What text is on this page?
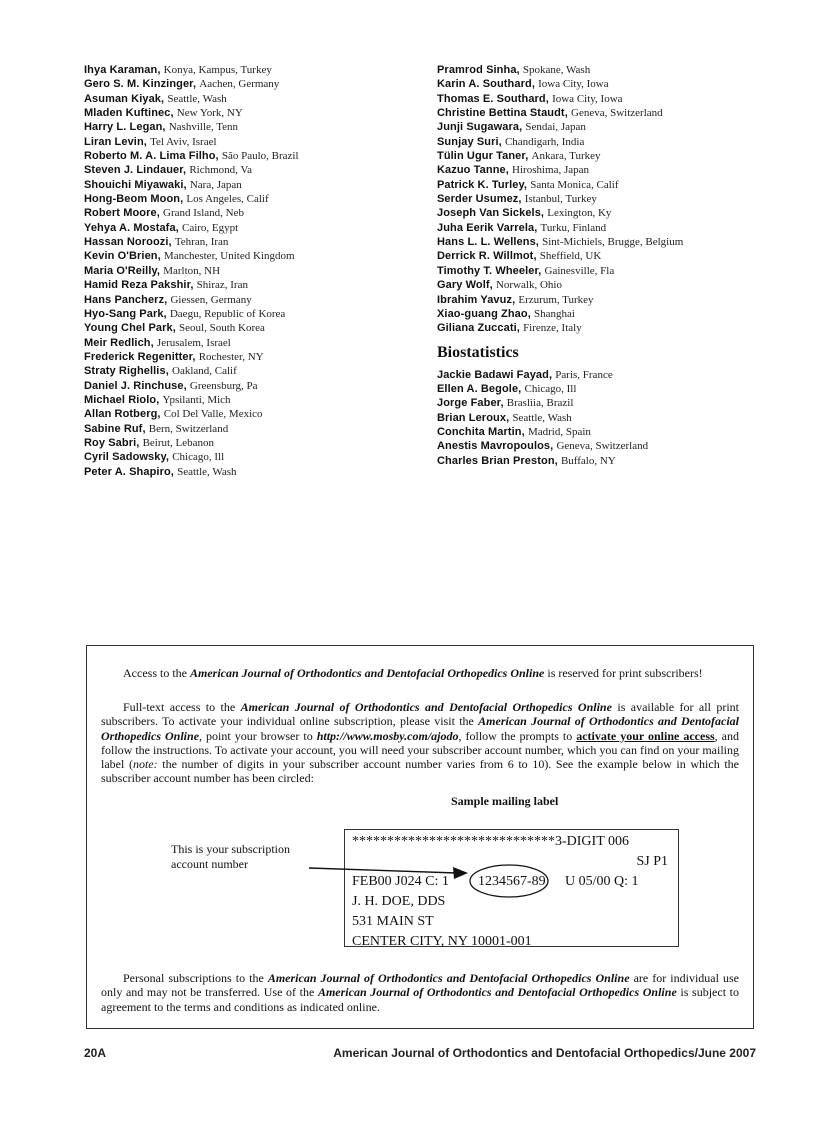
Ihya Karaman, Konya, Kampus, Turkey
Gero S. M. Kinzinger, Aachen, Germany
Asuman Kiyak, Seattle, Wash
Mladen Kuftinec, New York, NY
Harry L. Legan, Nashville, Tenn
Liran Levin, Tel Aviv, Israel
Roberto M. A. Lima Filho, São Paulo, Brazil
Steven J. Lindauer, Richmond, Va
Shouichi Miyawaki, Nara, Japan
Hong-Beom Moon, Los Angeles, Calif
Robert Moore, Grand Island, Neb
Yehya A. Mostafa, Cairo, Egypt
Hassan Noroozi, Tehran, Iran
Kevin O'Brien, Manchester, United Kingdom
Maria O'Reilly, Marlton, NH
Hamid Reza Pakshir, Shiraz, Iran
Hans Pancherz, Giessen, Germany
Hyo-Sang Park, Daegu, Republic of Korea
Young Chel Park, Seoul, South Korea
Meir Redlich, Jerusalem, Israel
Frederick Regenitter, Rochester, NY
Straty Righellis, Oakland, Calif
Daniel J. Rinchuse, Greensburg, Pa
Michael Riolo, Ypsilanti, Mich
Allan Rotberg, Col Del Valle, Mexico
Sabine Ruf, Bern, Switzerland
Roy Sabri, Beirut, Lebanon
Cyril Sadowsky, Chicago, Ill
Peter A. Shapiro, Seattle, Wash
Pramrod Sinha, Spokane, Wash
Karin A. Southard, Iowa City, Iowa
Thomas E. Southard, Iowa City, Iowa
Christine Bettina Staudt, Geneva, Switzerland
Junji Sugawara, Sendai, Japan
Sunjay Suri, Chandigarh, India
Tülin Ugur Taner, Ankara, Turkey
Kazuo Tanne, Hiroshima, Japan
Patrick K. Turley, Santa Monica, Calif
Serder Usumez, Istanbul, Turkey
Joseph Van Sickels, Lexington, Ky
Juha Eerik Varrela, Turku, Finland
Hans L. L. Wellens, Sint-Michiels, Brugge, Belgium
Derrick R. Willmot, Sheffield, UK
Timothy T. Wheeler, Gainesville, Fla
Gary Wolf, Norwalk, Ohio
Ibrahim Yavuz, Erzurum, Turkey
Xiao-guang Zhao, Shanghai
Giliana Zuccati, Firenze, Italy
Biostatistics
Jackie Badawi Fayad, Paris, France
Ellen A. Begole, Chicago, Ill
Jorge Faber, Braslìia, Brazil
Brian Leroux, Seattle, Wash
Conchita Martin, Madrid, Spain
Anestis Mavropoulos, Geneva, Switzerland
Charles Brian Preston, Buffalo, NY
Access to the American Journal of Orthodontics and Dentofacial Orthopedics Online is reserved for print subscribers!
Full-text access to the American Journal of Orthodontics and Dentofacial Orthopedics Online is available for all print subscribers. To activate your individual online subscription, please visit the American Journal of Orthodontics and Dentofacial Orthopedics Online, point your browser to http://www.mosby.com/ajodo, follow the prompts to activate your online access, and follow the instructions. To activate your account, you will need your subscriber account number, which you can find on your mailing label (note: the number of digits in your subscriber account number varies from 6 to 10). See the example below in which the subscriber account number has been circled:
Sample mailing label
This is your subscription
account number
*****************************3-DIGIT 006
SJ P1
FEB00 J024 C: 1 1234567-89 U 05/00 Q: 1
J. H. DOE, DDS
531 MAIN ST
CENTER CITY, NY 10001-001
Personal subscriptions to the American Journal of Orthodontics and Dentofacial Orthopedics Online are for individual use only and may not be transferred. Use of the American Journal of Orthodontics and Dentofacial Orthopedics Online is subject to agreement to the terms and conditions as indicated online.
20A	American Journal of Orthodontics and Dentofacial Orthopedics/June 2007
